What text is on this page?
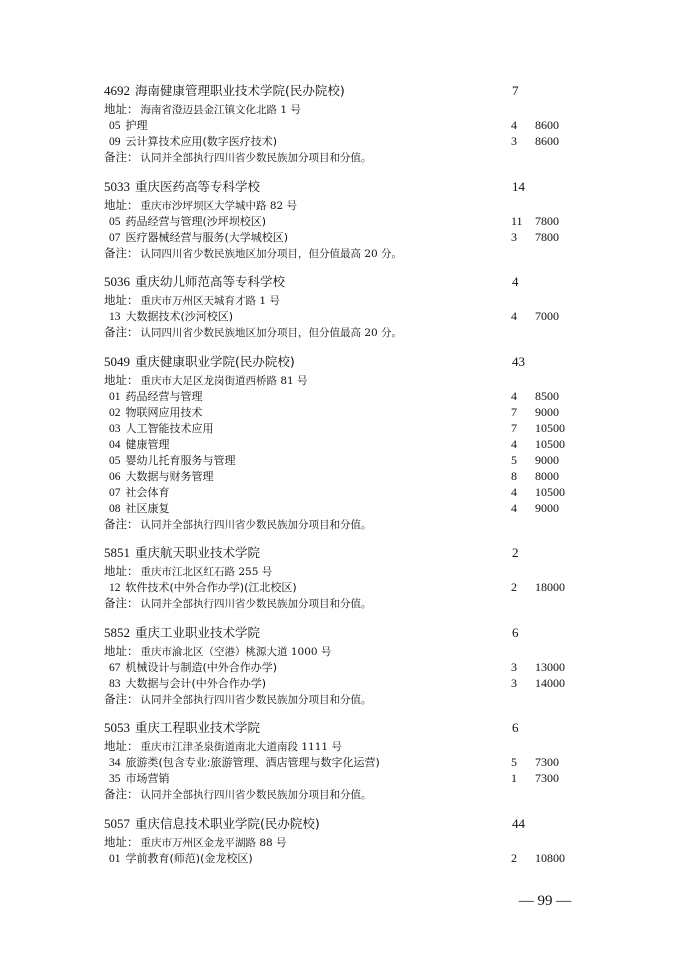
4692 海南健康管理职业技术学院(民办院校)	7
地址： 海南省澄迈县金江镇文化北路 1 号
05 护理	4 8600
09 云计算技术应用(数字医疗技术)	3 8600
备注： 认同并全部执行四川省少数民族加分项目和分值。
5033 重庆医药高等专科学校	14
地址： 重庆市沙坪坝区大学城中路 82 号
05 药品经营与管理(沙坪坝校区)	11 7800
07 医疗器械经营与服务(大学城校区)	3 7800
备注： 认同四川省少数民族地区加分项目，但分值最高 20 分。
5036 重庆幼儿师范高等专科学校	4
地址： 重庆市万州区天城育才路 1 号
13 大数据技术(沙河校区)	4 7000
备注： 认同四川省少数民族地区加分项目，但分值最高 20 分。
5049 重庆健康职业学院(民办院校)	43
地址： 重庆市大足区龙岗街道西桥路 81 号
01 药品经营与管理	4 8500
02 物联网应用技术	7 9000
03 人工智能技术应用	7 10500
04 健康管理	4 10500
05 婴幼儿托育服务与管理	5 9000
06 大数据与财务管理	8 8000
07 社会体育	4 10500
08 社区康复	4 9000
备注： 认同并全部执行四川省少数民族加分项目和分值。
5851 重庆航天职业技术学院	2
地址： 重庆市江北区红石路 255 号
12 软件技术(中外合作办学)(江北校区)	2 18000
备注： 认同并全部执行四川省少数民族加分项目和分值。
5852 重庆工业职业技术学院	6
地址： 重庆市渝北区（空港）桃源大道 1000 号
67 机械设计与制造(中外合作办学)	3 13000
83 大数据与会计(中外合作办学)	3 14000
备注： 认同并全部执行四川省少数民族加分项目和分值。
5053 重庆工程职业技术学院	6
地址： 重庆市江津圣泉街道南北大道南段 1111 号
34 旅游类(包含专业:旅游管理、酒店管理与数字化运营)	5 7300
35 市场营销	1 7300
备注： 认同并全部执行四川省少数民族加分项目和分值。
5057 重庆信息技术职业学院(民办院校)	44
地址： 重庆市万州区金龙平湖路 88 号
01 学前教育(师范)(金龙校区)	2 10800
— 99 —
